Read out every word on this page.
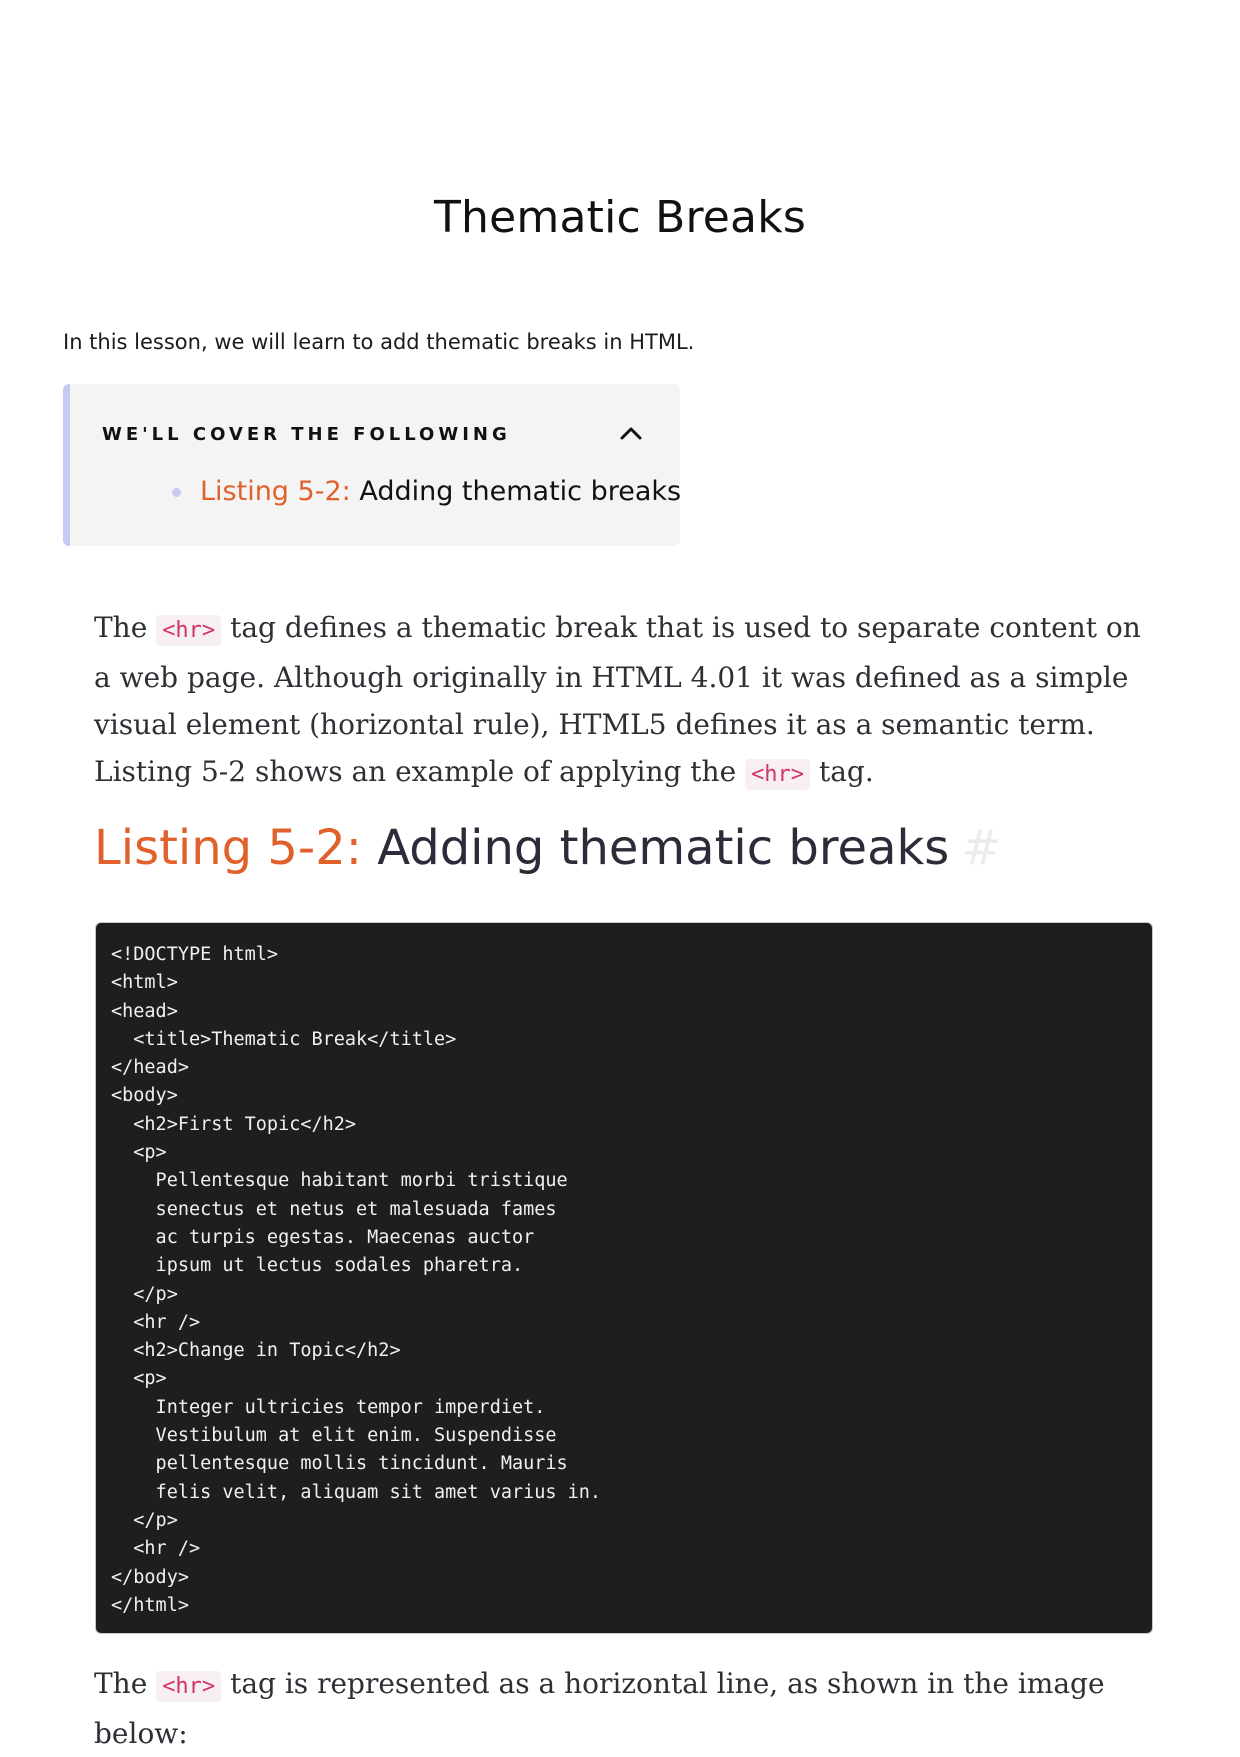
Thematic Breaks
In this lesson, we will learn to add thematic breaks in HTML.
WE'LL COVER THE FOLLOWING
Listing 5-2: Adding thematic breaks
The <hr> tag defines a thematic break that is used to separate content on a web page. Although originally in HTML 4.01 it was defined as a simple visual element (horizontal rule), HTML5 defines it as a semantic term. Listing 5-2 shows an example of applying the <hr> tag.
Listing 5-2: Adding thematic breaks #
<!DOCTYPE html>
<html>
<head>
<title>Thematic Break</title>
</head>
<body>
<h2>First Topic</h2>
<p>
Pellentesque habitant morbi tristique
senectus et netus et malesuada fames
ac turpis egestas. Maecenas auctor
ipsum ut lectus sodales pharetra.
</p>
<hr />
<h2>Change in Topic</h2>
<p>
Integer ultricies tempor imperdiet.
Vestibulum at elit enim. Suspendisse
pellentesque mollis tincidunt. Mauris
felis velit, aliquam sit amet varius in.
</p>
<hr />
</body>
</html>
The <hr> tag is represented as a horizontal line, as shown in the image below:
